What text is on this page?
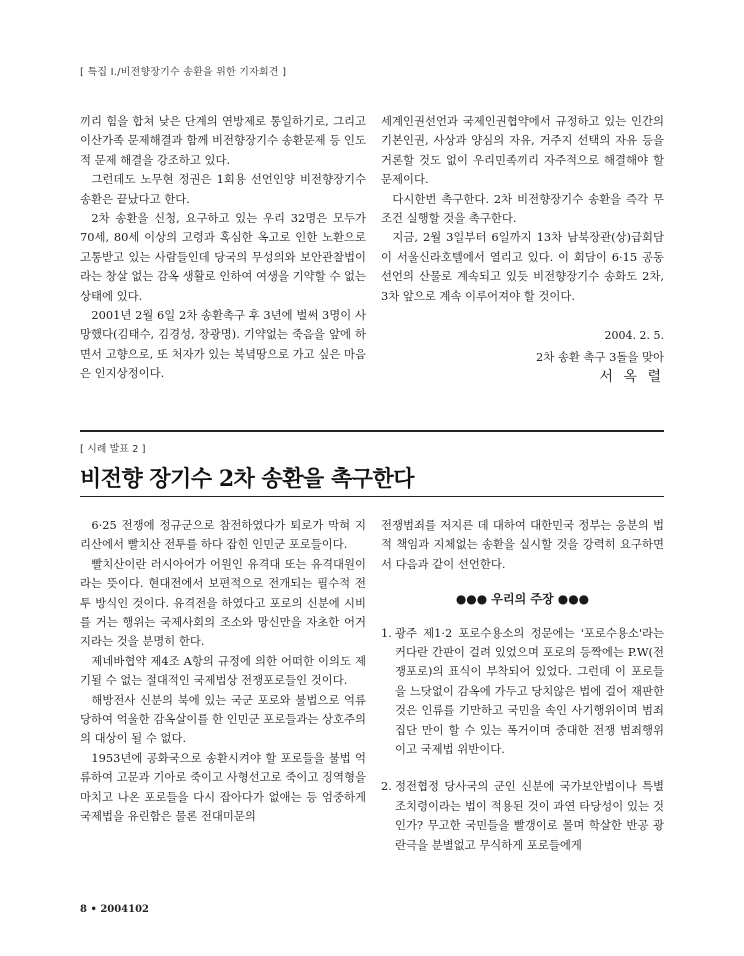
[ 특집 Ⅰ./비전향장기수 송환을 위한 기자회견 ]

끼리 힘을 합쳐 낮은 단계의 연방제로 통일하기로, 그리고 이산가족 문제해결과 함께 비전향장기수 송환문제 등 인도적 문제 해결을 강조하고 있다.

그런데도 노무현 정권은 1회용 선언인양 비전향장기수 송환은 끝났다고 한다.

2차 송환을 신청, 요구하고 있는 우리 32명은 모두가 70세, 80세 이상의 고령과 혹심한 옥고로 인한 노환으로 고통받고 있는 사람들인데 당국의 무성의와 보안관찰법이라는 창살 없는 감옥 생활로 인하여 여생을 기약할 수 없는 상태에 있다.

2001년 2월 6일 2차 송환촉구 후 3년에 벌써 3명이 사망했다(김태수, 김경성, 장광명). 기약없는 죽음을 앞에 하면서 고향으로, 또 처자가 있는 북녘땅으로 가고 싶은 마음은 인지상정이다.

세계인권선언과 국제인권협약에서 규정하고 있는 인간의 기본인권, 사상과 양심의 자유, 거주지 선택의 자유 등을 거론할 것도 없이 우리민족끼리 자주적으로 해결해야 할 문제이다.

다시한번 촉구한다. 2차 비전향장기수 송환을 즉각 무조건 실행할 것을 촉구한다.

지금, 2월 3일부터 6일까지 13차 남북장관(상)급회담이 서울신라호텔에서 열리고 있다. 이 회담이 6·15 공동선언의 산물로 계속되고 있듯 비전향장기수 송화도 2차, 3차 앞으로 계속 이루어져야 할 것이다.

2004. 2. 5.
2차 송환 촉구 3돌을 맞아
서 옥 렬
[ 시례 발표 2 ]
비전향 장기수 2차 송환을 촉구한다

6·25 전쟁에 정규군으로 참전하였다가 퇴로가 막혀 지리산에서 빨치산 전투를 하다 잡힌 인민군 포로들이다.

빨치산이란 러시아어가 어원인 유격대 또는 유격대원이라는 뜻이다. 현대전에서 보편적으로 전개되는 필수적 전투 방식인 것이다. 유격전을 하였다고 포로의 신분에 시비를 거는 행위는 국제사회의 조소와 망신만을 자초한 어거지라는 것을 분명히 한다.

제네바협약 제4조 A항의 규정에 의한 어떠한 이의도 제기될 수 없는 절대적인 국제법상 전쟁포로들인 것이다.

해방전사 신분의 북에 있는 국군 포로와 불법으로 억류당하여 억울한 감옥살이를 한 인민군 포로들과는 상호주의의 대상이 될 수 없다.

1953년에 공화국으로 송환시켜야 할 포로들을 불법 억류하여 고문과 기아로 죽이고 사형선고로 죽이고 징역형을 마치고 나온 포로들을 다시 잡아다가 없애는 등 엄중하게 국제법을 유린함은 물론 전대미문의

전쟁범죄를 저지른 데 대하여 대한민국 정부는 응분의 법적 책임과 지체없는 송환을 실시할 것을 강력히 요구하면서 다음과 같이 선언한다.

●●● 우리의 주장 ●●●
1. 광주 제1·2 포로수용소의 정문에는 '포로수용소'라는 커다란 간판이 걸려 있었으며 포로의 등짝에는 P.W(전쟁포로)의 표식이 부착되어 있었다. 그런데 이 포로들을 느닷없이 감옥에 가두고 당치않은 법에 걸어 재판한 것은 인류를 기만하고 국민을 속인 사기행위이며 범죄 집단 만이 할 수 있는 폭거이며 중대한 전쟁 범죄행위이고 국제법 위반이다.
2. 정전협정 당사국의 군인 신분에 국가보안법이나 특별조치령이라는 법이 적용된 것이 과연 타당성이 있는 것인가? 무고한 국민들을 빨갱이로 몰며 학살한 반공 광란극을 분별없고 무식하게 포로들에게
8 • 2004102
